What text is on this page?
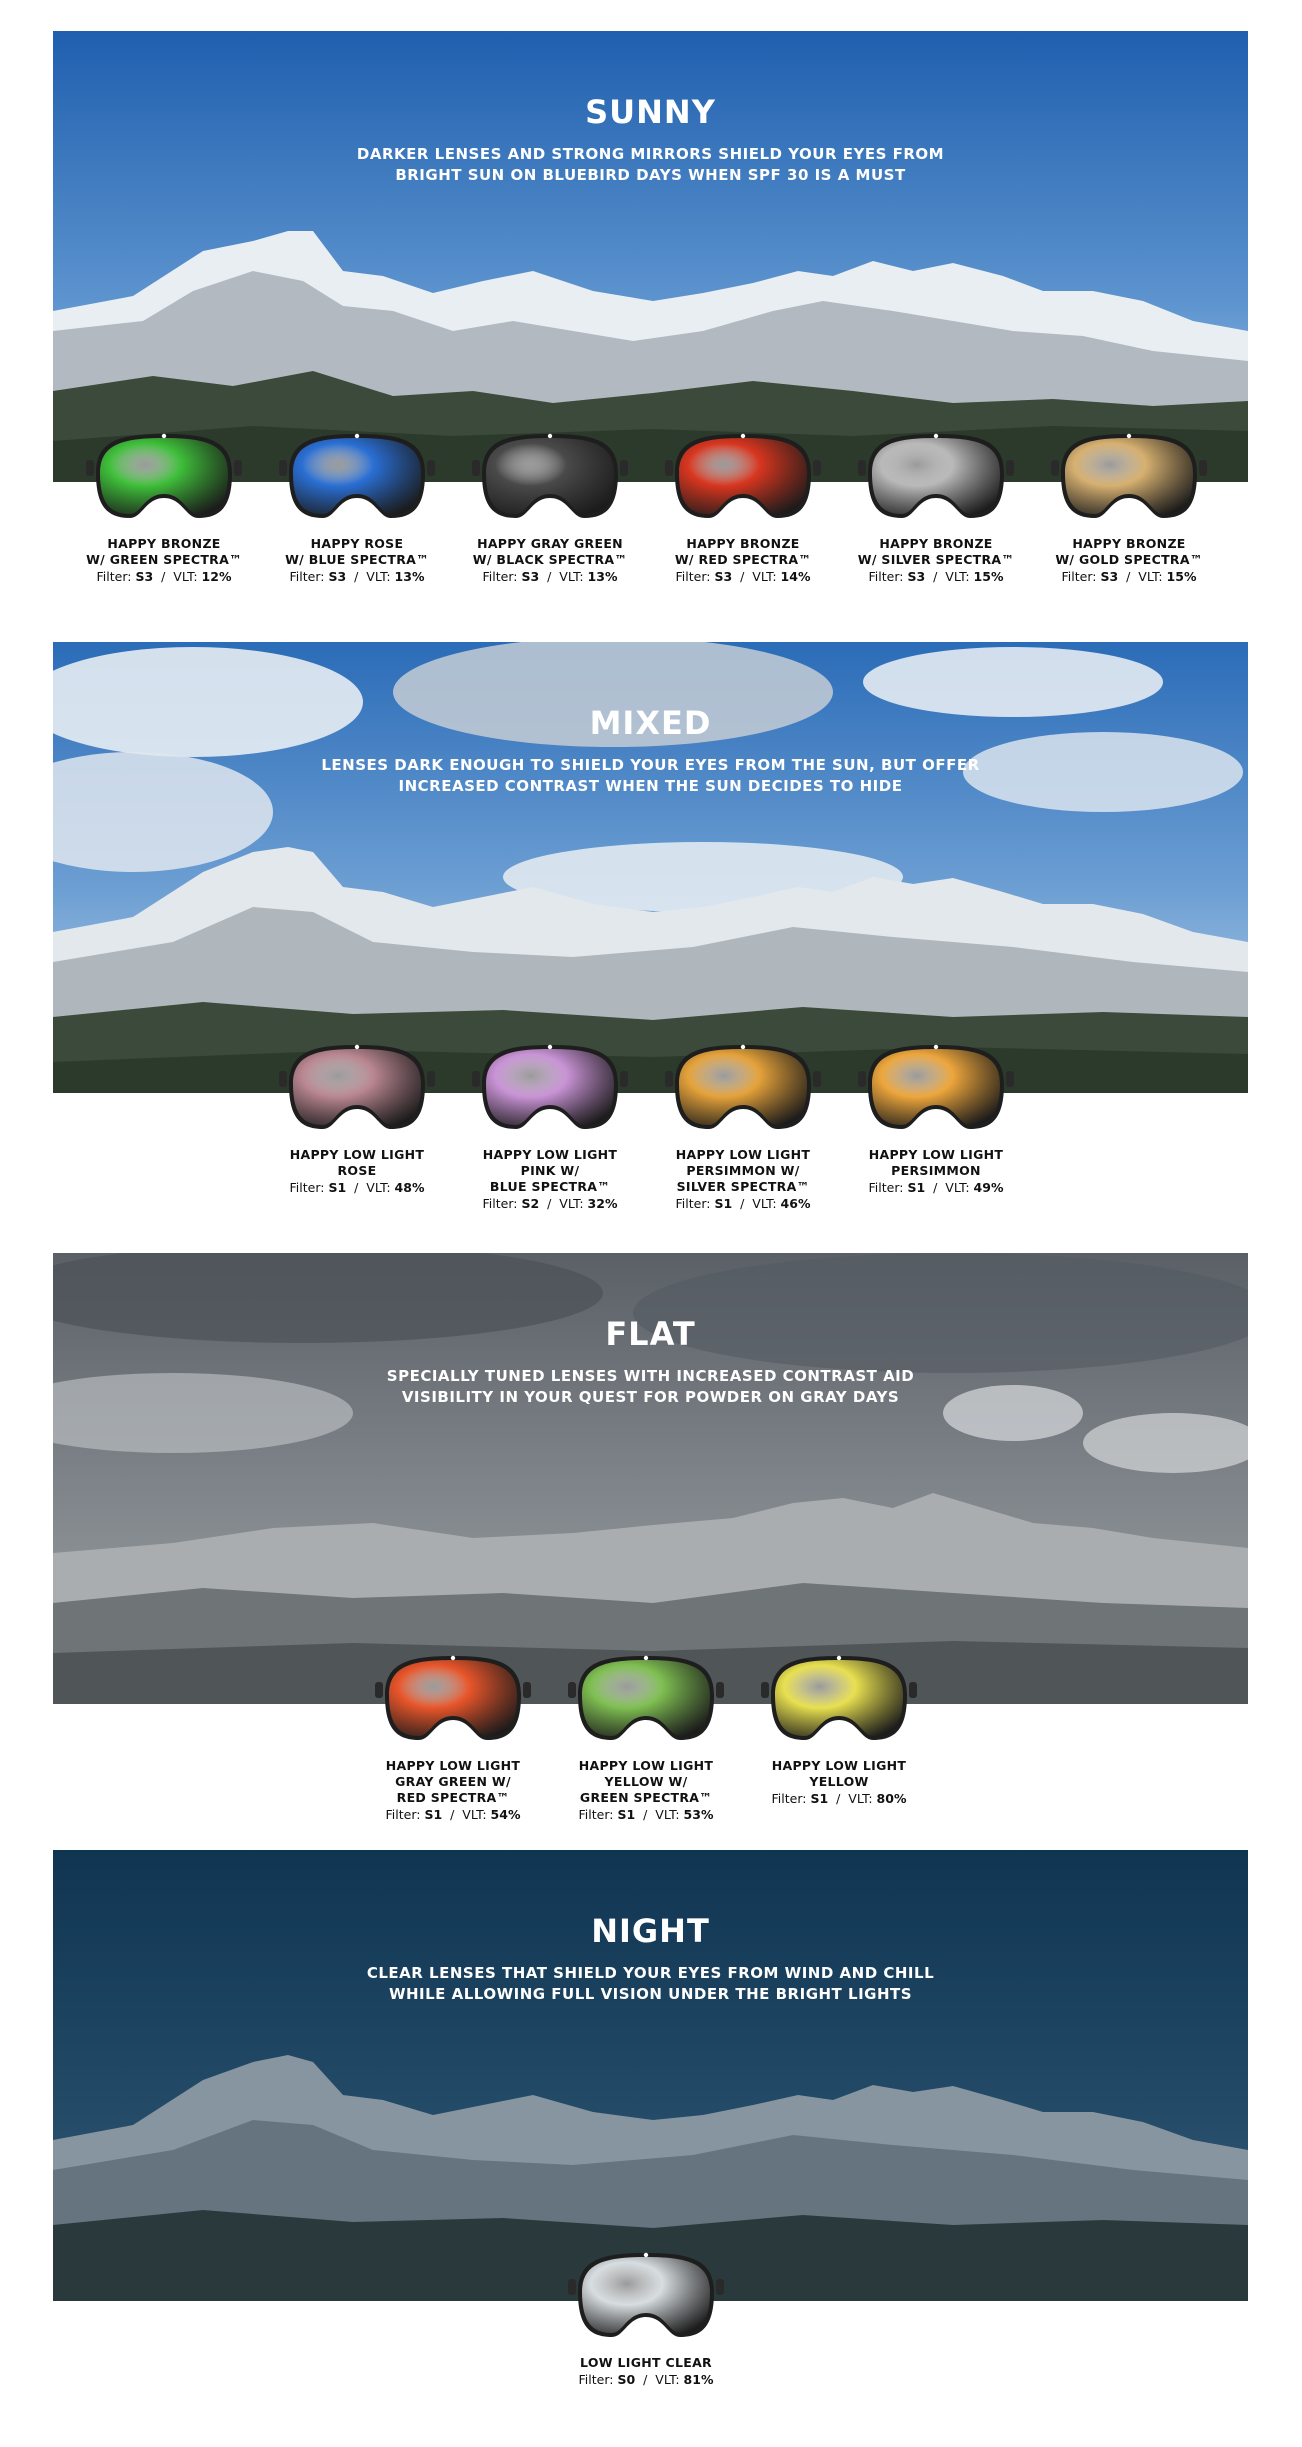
SUNNY
DARKER LENSES AND STRONG MIRRORS SHIELD YOUR EYES FROM
BRIGHT SUN ON BLUEBIRD DAYS WHEN SPF 30 IS A MUST
HAPPY BRONZE
W/ GREEN SPECTRA™
Filter: S3  /  VLT: 12%
HAPPY ROSE
W/ BLUE SPECTRA™
Filter: S3  /  VLT: 13%
HAPPY GRAY GREEN
W/ BLACK SPECTRA™
Filter: S3  /  VLT: 13%
HAPPY BRONZE
W/ RED SPECTRA™
Filter: S3  /  VLT: 14%
HAPPY BRONZE
W/ SILVER SPECTRA™
Filter: S3  /  VLT: 15%
HAPPY BRONZE
W/ GOLD SPECTRA™
Filter: S3  /  VLT: 15%
MIXED
LENSES DARK ENOUGH TO SHIELD YOUR EYES FROM THE SUN, BUT OFFER
INCREASED CONTRAST WHEN THE SUN DECIDES TO HIDE
HAPPY LOW LIGHT
ROSE
Filter: S1  /  VLT: 48%
HAPPY LOW LIGHT
PINK W/
BLUE SPECTRA™
Filter: S2  /  VLT: 32%
HAPPY LOW LIGHT
PERSIMMON W/
SILVER SPECTRA™
Filter: S1  /  VLT: 46%
HAPPY LOW LIGHT
PERSIMMON
Filter: S1  /  VLT: 49%
FLAT
SPECIALLY TUNED LENSES WITH INCREASED CONTRAST AID
VISIBILITY IN YOUR QUEST FOR POWDER ON GRAY DAYS
HAPPY LOW LIGHT
GRAY GREEN W/
RED SPECTRA™
Filter: S1  /  VLT: 54%
HAPPY LOW LIGHT
YELLOW W/
GREEN SPECTRA™
Filter: S1  /  VLT: 53%
HAPPY LOW LIGHT
YELLOW
Filter: S1  /  VLT: 80%
NIGHT
CLEAR LENSES THAT SHIELD YOUR EYES FROM WIND AND CHILL
WHILE ALLOWING FULL VISION UNDER THE BRIGHT LIGHTS
LOW LIGHT CLEAR
Filter: S0  /  VLT: 81%
